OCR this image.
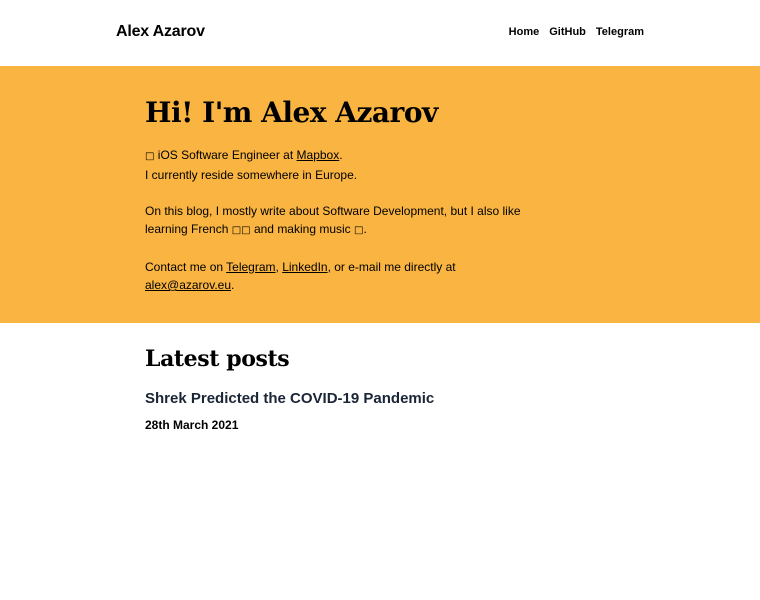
Alex Azarov	Home GitHub Telegram
Hi! I'm Alex Azarov

□ iOS Software Engineer at Mapbox.
I currently reside somewhere in Europe.

On this blog, I mostly write about Software Development, but I also like learning French □□ and making music □.

Contact me on Telegram, LinkedIn, or e-mail me directly at alex@azarov.eu.

Latest posts
Shrek Predicted the COVID-19 Pandemic
28th March 2021
